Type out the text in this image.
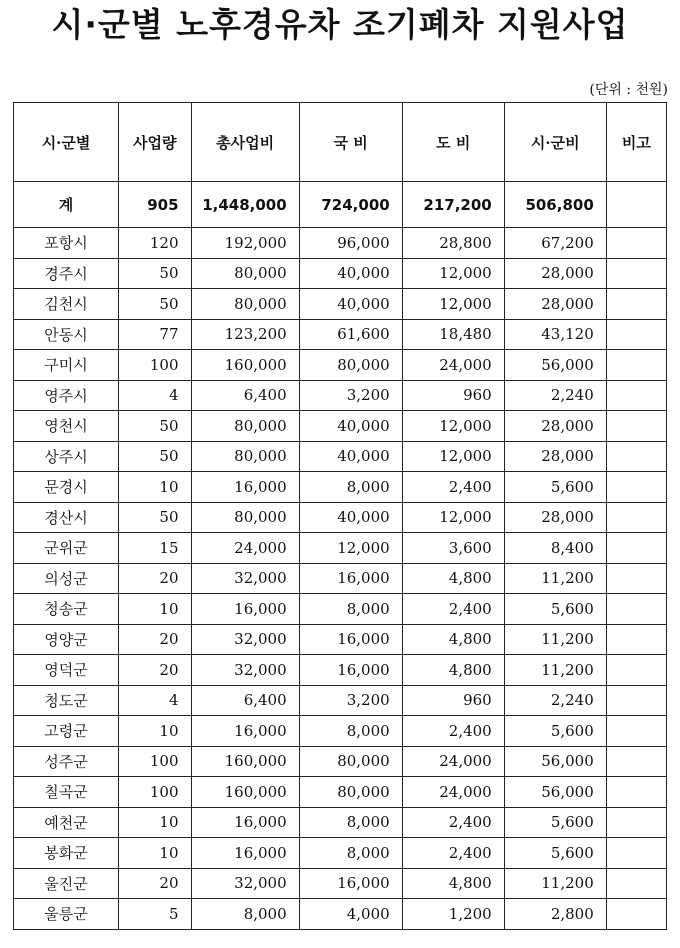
시·군별 노후경유차 조기폐차 지원사업
(단위 : 천원)
시·군별	사업량	총사업비	국 비	도 비	시·군비	비고
계	905	1,448,000	724,000	217,200	506,800	
포항시	120	192,000	96,000	28,800	67,200	
경주시	50	80,000	40,000	12,000	28,000	
김천시	50	80,000	40,000	12,000	28,000	
안동시	77	123,200	61,600	18,480	43,120	
구미시	100	160,000	80,000	24,000	56,000	
영주시	4	6,400	3,200	960	2,240	
영천시	50	80,000	40,000	12,000	28,000	
상주시	50	80,000	40,000	12,000	28,000	
문경시	10	16,000	8,000	2,400	5,600	
경산시	50	80,000	40,000	12,000	28,000	
군위군	15	24,000	12,000	3,600	8,400	
의성군	20	32,000	16,000	4,800	11,200	
청송군	10	16,000	8,000	2,400	5,600	
영양군	20	32,000	16,000	4,800	11,200	
영덕군	20	32,000	16,000	4,800	11,200	
청도군	4	6,400	3,200	960	2,240	
고령군	10	16,000	8,000	2,400	5,600	
성주군	100	160,000	80,000	24,000	56,000	
칠곡군	100	160,000	80,000	24,000	56,000	
예천군	10	16,000	8,000	2,400	5,600	
봉화군	10	16,000	8,000	2,400	5,600	
울진군	20	32,000	16,000	4,800	11,200	
울릉군	5	8,000	4,000	1,200	2,800	
